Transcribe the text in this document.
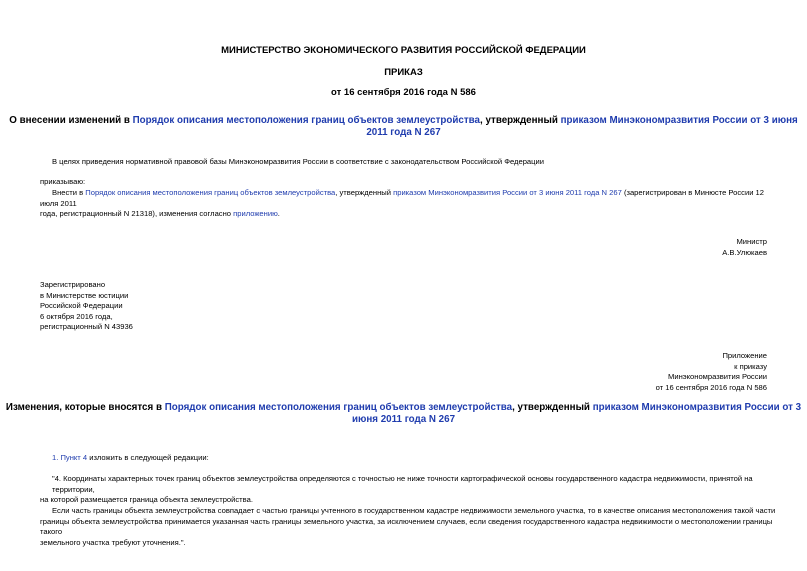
МИНИСТЕРСТВО ЭКОНОМИЧЕСКОГО РАЗВИТИЯ РОССИЙСКОЙ ФЕДЕРАЦИИ
ПРИКАЗ
от 16 сентября 2016 года N 586
О внесении изменений в Порядок описания местоположения границ объектов землеустройства, утвержденный приказом Минэкономразвития России от 3 июня
2011 года N 267
В целях приведения нормативной правовой базы Минэкономразвития России в соответствие с законодательством Российской Федерации
приказываю:
Внести в Порядок описания местоположения границ объектов землеустройства, утвержденный приказом Минэкономразвития России от 3 июня 2011 года N 267 (зарегистрирован в Минюсте России 12 июля 2011
года, регистрационный N 21318), изменения согласно приложению.
Министр
А.В.Улюкаев
Зарегистрировано
в Министерстве юстиции
Российской Федерации
6 октября 2016 года,
регистрационный N 43936
Приложение
к приказу
Минэкономразвития России
от 16 сентября 2016 года N 586
Изменения, которые вносятся в Порядок описания местоположения границ объектов землеустройства, утвержденный приказом Минэкономразвития России от 3
июня 2011 года N 267
1. Пункт 4 изложить в следующей редакции:
"4. Координаты характерных точек границ объектов землеустройства определяются с точностью не ниже точности картографической основы государственного кадастра недвижимости, принятой на территории,
на которой размещается граница объекта землеустройства.
Если часть границы объекта землеустройства совпадает с частью границы учтенного в государственном кадастре недвижимости земельного участка, то в качестве описания местоположения такой части
границы объекта землеустройства принимается указанная часть границы земельного участка, за исключением случаев, если сведения государственного кадастра недвижимости о местоположении границы такого
земельного участка требуют уточнения.".
